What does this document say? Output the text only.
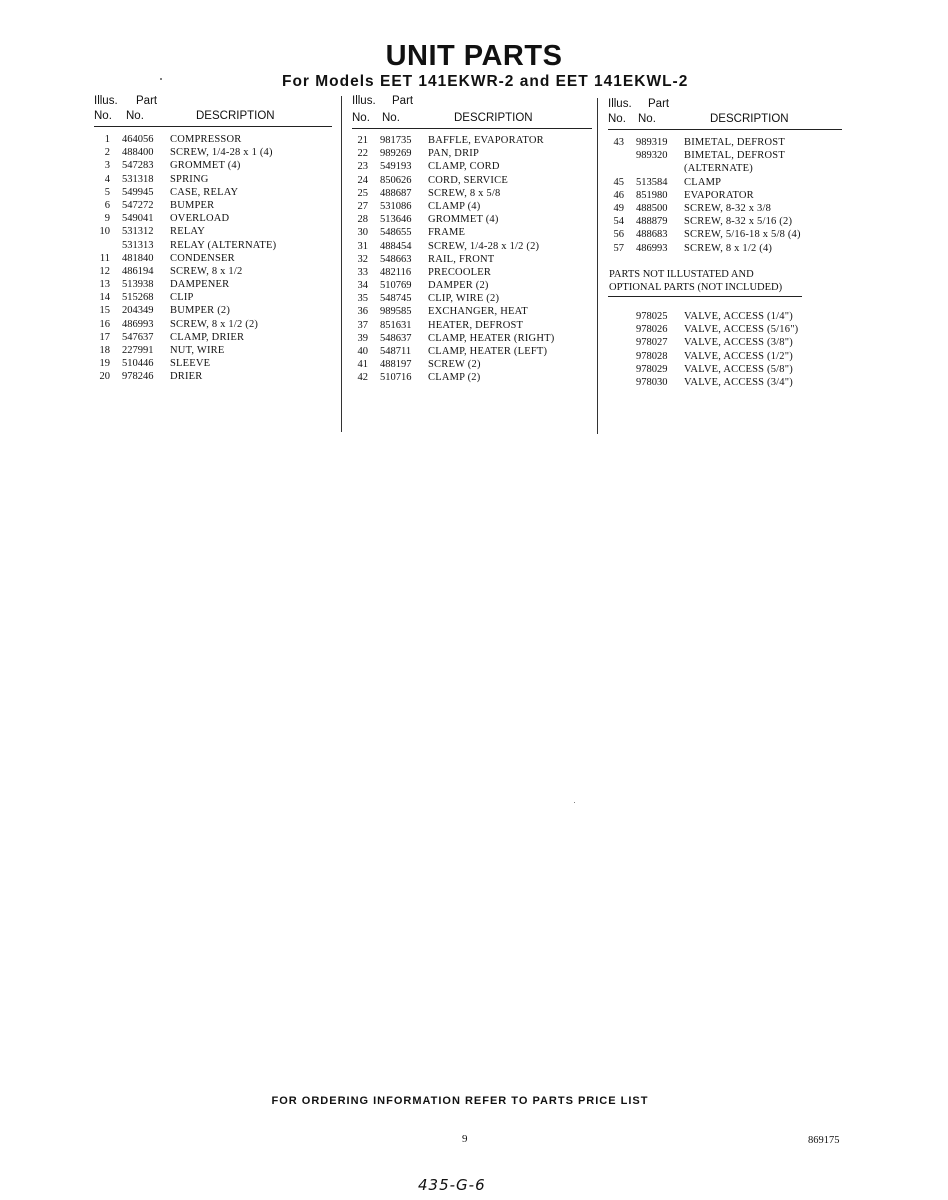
UNIT PARTS
For Models EET 141EKWR-2 and EET 141EKWL-2
Illus. Part
No. No.	DESCRIPTION
1 464056 COMPRESSOR
2 488400 SCREW, 1/4-28 x 1 (4)
3 547283 GROMMET (4)
4 531318 SPRING
5 549945 CASE, RELAY
6 547272 BUMPER
9 549041 OVERLOAD
10 531312 RELAY
531313 RELAY (ALTERNATE)
11 481840 CONDENSER
12 486194 SCREW, 8 x 1/2
13 513938 DAMPENER
14 515268 CLIP
15 204349 BUMPER (2)
16 486993 SCREW, 8 x 1/2 (2)
17 547637 CLAMP, DRIER
18 227991 NUT, WIRE
19 510446 SLEEVE
20 978246 DRIER
Illus. Part
No. No.	DESCRIPTION
21 981735 BAFFLE, EVAPORATOR
22 989269 PAN, DRIP
23 549193 CLAMP, CORD
24 850626 CORD, SERVICE
25 488687 SCREW, 8 x 5/8
27 531086 CLAMP (4)
28 513646 GROMMET (4)
30 548655 FRAME
31 488454 SCREW, 1/4-28 x 1/2 (2)
32 548663 RAIL, FRONT
33 482116 PRECOOLER
34 510769 DAMPER (2)
35 548745 CLIP, WIRE (2)
36 989585 EXCHANGER, HEAT
37 851631 HEATER, DEFROST
39 548637 CLAMP, HEATER (RIGHT)
40 548711 CLAMP, HEATER (LEFT)
41 488197 SCREW (2)
42 510716 CLAMP (2)
Illus. Part
No. No.	DESCRIPTION
43 989319 BIMETAL, DEFROST
989320 BIMETAL, DEFROST
(ALTERNATE)
45 513584 CLAMP
46 851980 EVAPORATOR
49 488500 SCREW, 8-32 x 3/8
54 488879 SCREW, 8-32 x 5/16 (2)
56 488683 SCREW, 5/16-18 x 5/8 (4)
57 486993 SCREW, 8 x 1/2 (4)
PARTS NOT ILLUSTATED AND
OPTIONAL PARTS (NOT INCLUDED)
978025 VALVE, ACCESS (1/4")
978026 VALVE, ACCESS (5/16")
978027 VALVE, ACCESS (3/8")
978028 VALVE, ACCESS (1/2")
978029 VALVE, ACCESS (5/8")
978030 VALVE, ACCESS (3/4")
FOR ORDERING INFORMATION REFER TO PARTS PRICE LIST
9	869175
435-G-6
